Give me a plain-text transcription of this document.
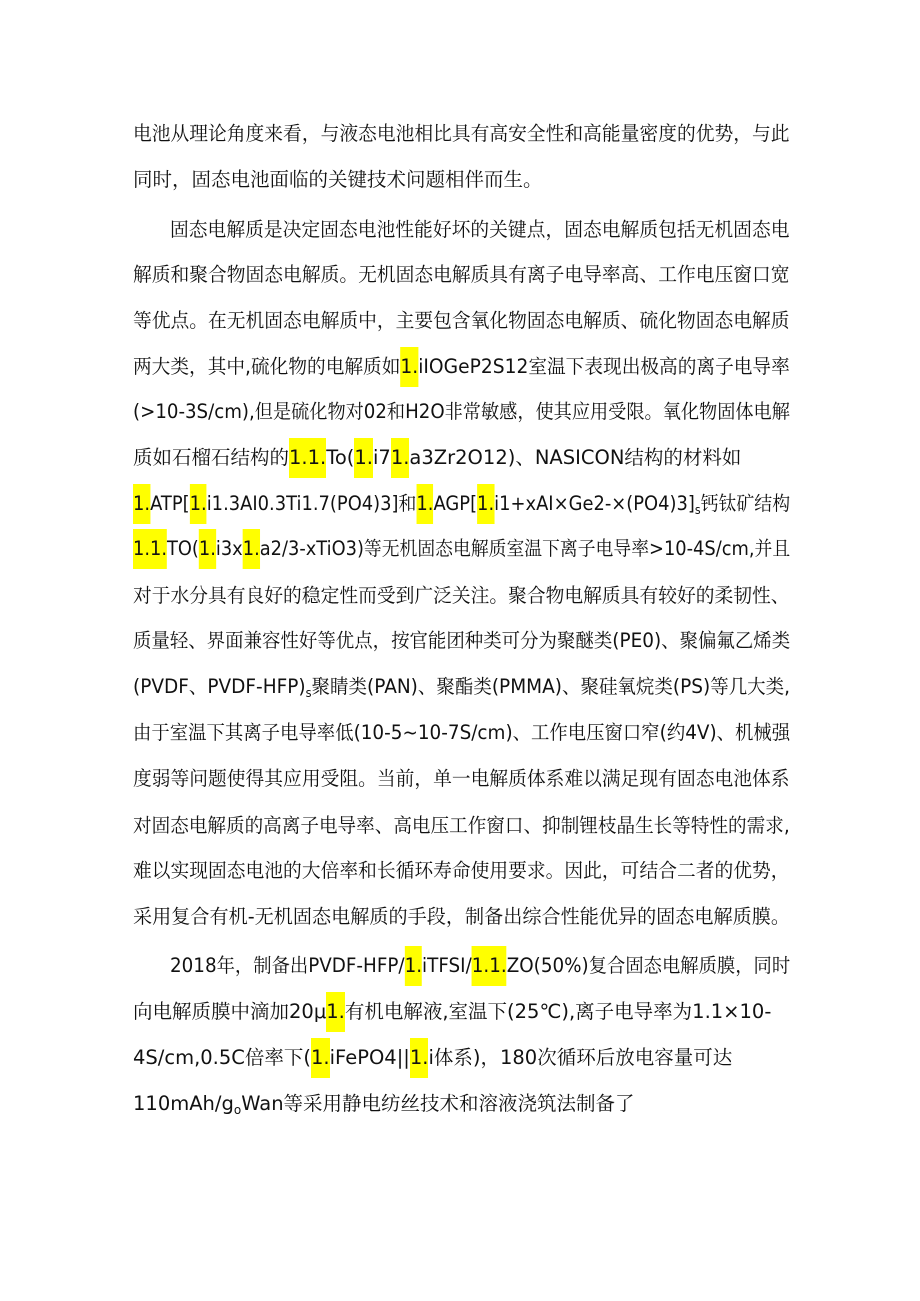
电池从理论角度来看，与液态电池相比具有高安全性和高能量密度的优势，与此
同时，固态电池面临的关键技术问题相伴而生。
固态电解质是决定固态电池性能好坏的关键点，固态电解质包括无机固态电
解质和聚合物固态电解质。无机固态电解质具有离子电导率高、工作电压窗口宽
等优点。在无机固态电解质中，主要包含氧化物固态电解质、硫化物固态电解质
两大类，其中,硫化物的电解质如1.iIOGeP2S12室温下表现出极高的离子电导率
(>10-3S/cm),但是硫化物对02和H2O非常敏感，使其应用受限。氧化物固体电解
质如石榴石结构的1.1.To(1.i71.a3Zr2O12)、NASICON结构的材料如
1.ATP[1.i1.3AI0.3Ti1.7(PO4)3]和$1.AGP[1.i1+xAI\times Ge2-\times(PO4)3]_s$钙钛矿结构
1.1.TO(1.i3x1.a2/3-xTiO3)等无机固态电解质室温下离子电导率>10-4S/cm,并且
对于水分具有良好的稳定性而受到广泛关注。聚合物电解质具有较好的柔韧性、
质量轻、界面兼容性好等优点，按官能团种类可分为聚醚类(PE0)、聚偏氟乙烯类
(PVDF、PVDF-$HFP)_s$聚睛类(PAN)、聚酯类(PMMA)、聚硅氧烷类(PS)等几大类,
由于室温下其离子电导率低(10-5~10-7S/cm)、工作电压窗口窄(约4V)、机械强
度弱等问题使得其应用受阻。当前，单一电解质体系难以满足现有固态电池体系
对固态电解质的高离子电导率、高电压工作窗口、抑制锂枝晶生长等特性的需求,
难以实现固态电池的大倍率和长循环寿命使用要求。因此，可结合二者的优势，
采用复合有机-无机固态电解质的手段，制备出综合性能优异的固态电解质膜。
2018年，制备出PVDF-HFP/1.iTFSI/1.1.ZO(50%)复合固态电解质膜，同时
向电解质膜中滴加20μ1.有机电解液,室温下(25℃),离子电导率为1.1×10-
4S/cm,0.5C倍率下(1.iFePO4||1.i体系)，180次循环后放电容量可达
$110mAh/g_oWan$等采用静电纺丝技术和溶液浇筑法制备了
